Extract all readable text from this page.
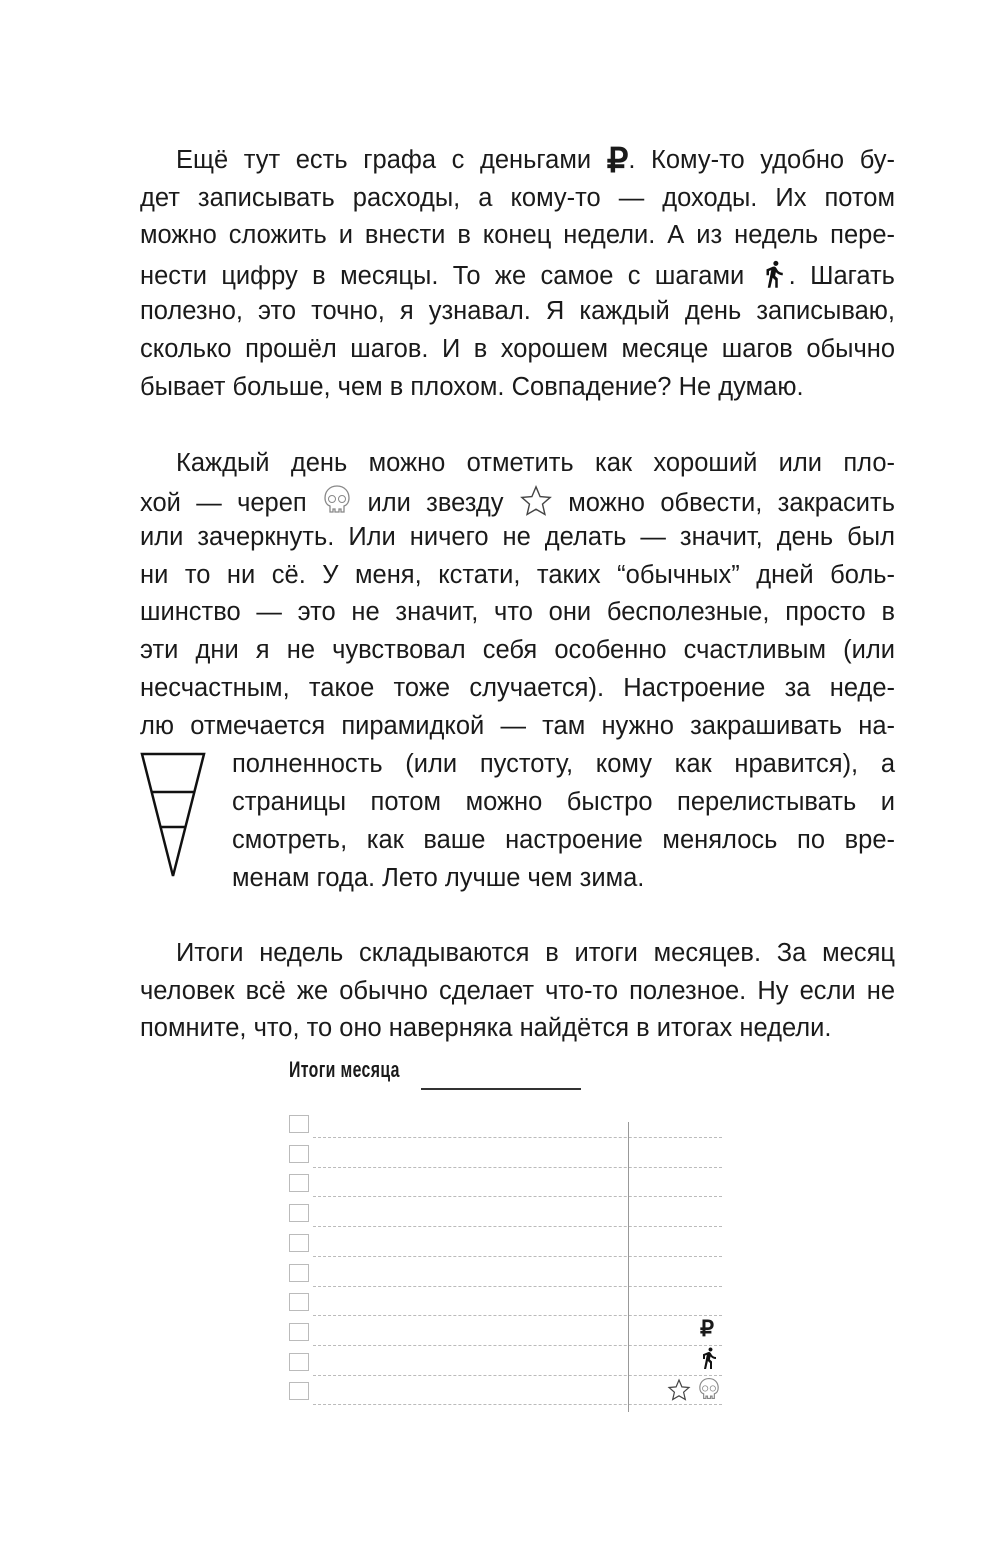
Ещё тут есть графа с деньгами ₽. Кому-то удобно бу-
дет записывать расходы, а кому-то — доходы. Их потом
можно сложить и внести в конец недели. А из недель пере-
нести цифру в месяцы. То же самое с шагами . Шагать
полезно, это точно, я узнавал. Я каждый день записываю,
сколько прошёл шагов. И в хорошем месяце шагов обычно
бывает больше, чем в плохом. Совпадение? Не думаю.
Каждый день можно отметить как хороший или пло-
хой — череп или звезду	можно обвести, закрасить
или зачеркнуть. Или ничего не делать — значит, день был
ни то ни сё. У меня, кстати, таких “обычных” дней боль-
шинство — это не значит, что они бесполезные, просто в
эти дни я не чувствовал себя особенно счастливым (или
несчастным, такое тоже случается). Настроение за неде-
лю отмечается пирамидкой — там нужно закрашивать на-
полненность (или пустоту, кому как нравится), а
страницы потом можно быстро перелистывать и
смотреть, как ваше настроение менялось по вре-
менам года. Лето лучше чем зима.
Итоги недель складываются в итоги месяцев. За месяц
человек всё же обычно сделает что-то полезное. Ну если не
помните, что, то оно наверняка найдётся в итогах недели.
Итоги месяца
₽
